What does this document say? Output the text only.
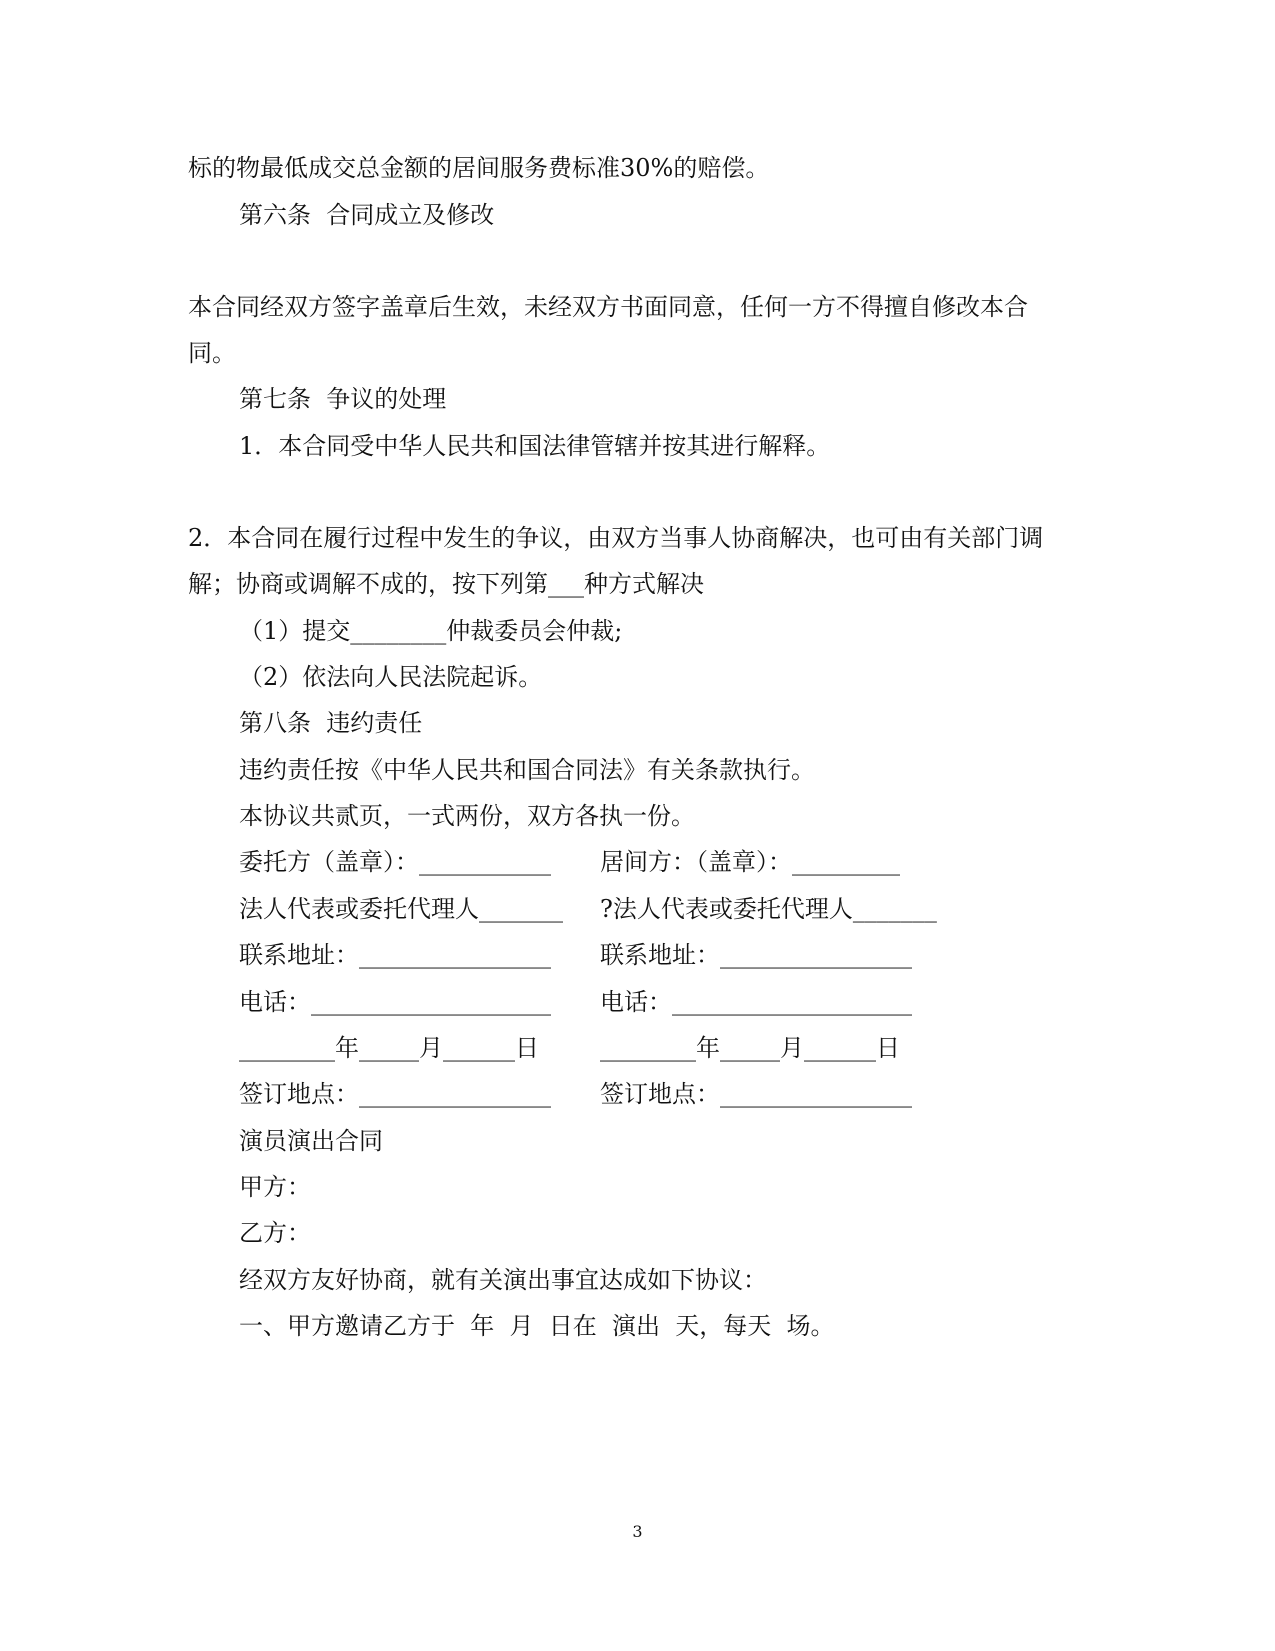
标的物最低成交总金额的居间服务费标准30%的赔偿。
第六条  合同成立及修改
本合同经双方签字盖章后生效，未经双方书面同意，任何一方不得擅自修改本合
同。
第七条  争议的处理
1．本合同受中华人民共和国法律管辖并按其进行解释。
2．本合同在履行过程中发生的争议，由双方当事人协商解决，也可由有关部门调
解；协商或调解不成的，按下列第___种方式解决
（1）提交________仲裁委员会仲裁;
（2）依法向人民法院起诉。
第八条  违约责任
违约责任按《中华人民共和国合同法》有关条款执行。
本协议共贰页，一式两份，双方各执一份。
委托方（盖章）：___________ 居间方：（盖章）：_________
法人代表或委托代理人_______ ?法人代表或委托代理人_______
联系地址：________________ 联系地址：________________
电话：____________________ 电话：____________________
________年_____月______日	________年_____月______日
签订地点：________________ 签订地点：________________
演员演出合同
甲方：
乙方：
经双方友好协商，就有关演出事宜达成如下协议：
一、甲方邀请乙方于  年  月  日在  演出  天，每天  场。
3
